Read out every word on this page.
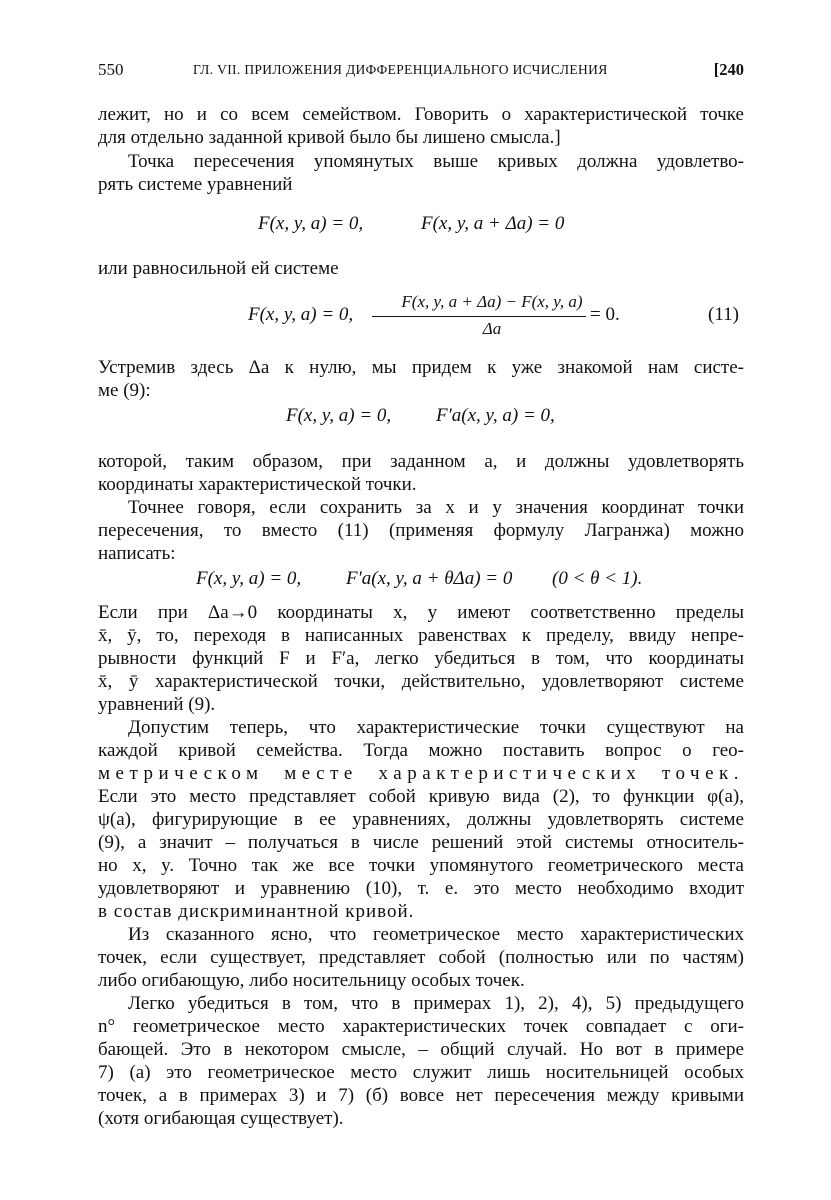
550	ГЛ. VII. ПРИЛОЖЕНИЯ ДИФФЕРЕНЦИАЛЬНОГО ИСЧИСЛЕНИЯ	[240
лежит, но и со всем семейством. Говорить о характеристической точке
для отдельно заданной кривой было бы лишено смысла.]
Точка пересечения упомянутых выше кривых должна удовлетво-
рять системе уравнений
F(x, y, a) = 0,	F(x, y, a + Δa) = 0
или равносильной ей системе
F(x, y, a) = 0,
F(x, y, a + Δa) − F(x, y, a)
Δa
= 0.	(11)
Устремив здесь Δa к нулю, мы придем к уже знакомой нам систе-
ме (9):
F(x, y, a) = 0, F′a(x, y, a) = 0,
которой, таким образом, при заданном a, и должны удовлетворять
координаты характеристической точки.
Точнее говоря, если сохранить за x и y значения координат точки
пересечения, то вместо (11) (применяя формулу Лагранжа) можно
написать:
F(x, y, a) = 0, F′a(x, y, a + θΔa) = 0 (0 < θ < 1).
Если при Δa→0 координаты x, y имеют соответственно пределы
x̄, ȳ, то, переходя в написанных равенствах к пределу, ввиду непре-
рывности функций F и F′a, легко убедиться в том, что координаты
x̄, ȳ характеристической точки, действительно, удовлетворяют системе
уравнений (9).
Допустим теперь, что характеристические точки существуют на
каждой кривой семейства. Тогда можно поставить вопрос о гео-
метрическом месте характеристических точек.
Если это место представляет собой кривую вида (2), то функции φ(a),
ψ(a), фигурирующие в ее уравнениях, должны удовлетворять системе
(9), а значит – получаться в числе решений этой системы относитель-
но x, y. Точно так же все точки упомянутого геометрического места
удовлетворяют и уравнению (10), т. е. это место необходимо входит
в состав дискриминантной кривой.
Из сказанного ясно, что геометрическое место характеристических
точек, если существует, представляет собой (полностью или по частям)
либо огибающую, либо носительницу особых точек.
Легко убедиться в том, что в примерах 1), 2), 4), 5) предыдущего
n° геометрическое место характеристических точек совпадает с оги-
бающей. Это в некотором смысле, – общий случай. Но вот в примере
7) (а) это геометрическое место служит лишь носительницей особых
точек, а в примерах 3) и 7) (б) вовсе нет пересечения между кривыми
(хотя огибающая существует).
